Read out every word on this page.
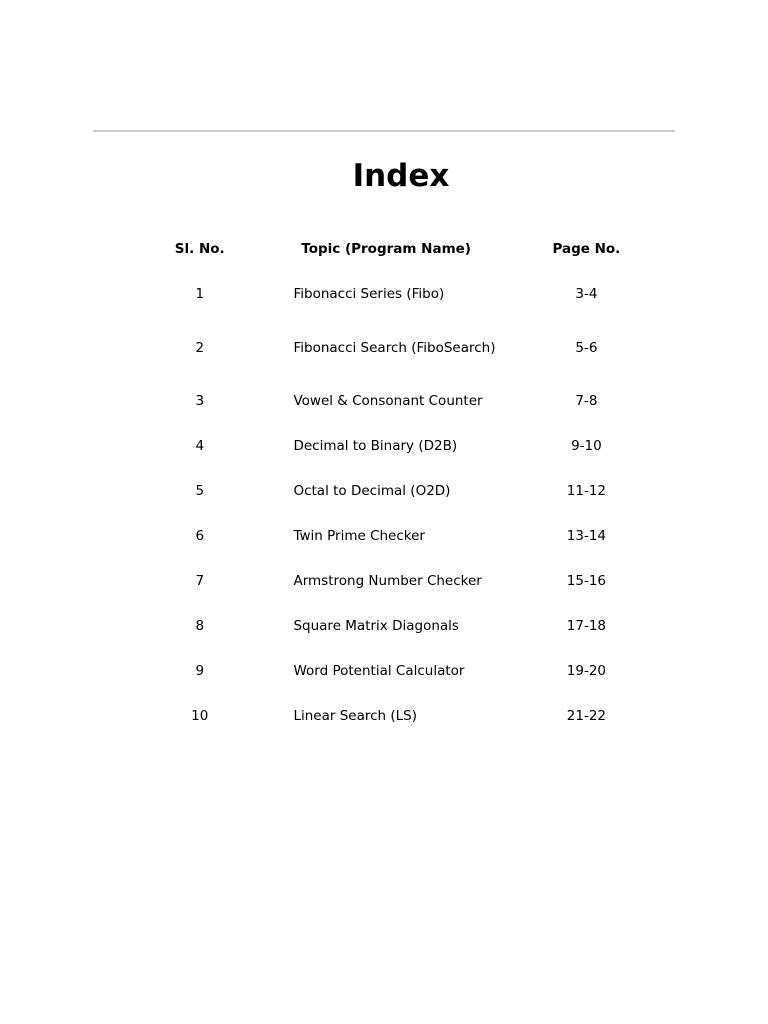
Index
Sl. No.	Topic (Program Name)	Page No.
1	Fibonacci Series (Fibo)	3-4
2	Fibonacci Search (FiboSearch)	5-6
3	Vowel & Consonant Counter	7-8
4	Decimal to Binary (D2B)	9-10
5	Octal to Decimal (O2D)	11-12
6	Twin Prime Checker	13-14
7	Armstrong Number Checker	15-16
8	Square Matrix Diagonals	17-18
9	Word Potential Calculator	19-20
10	Linear Search (LS)	21-22
